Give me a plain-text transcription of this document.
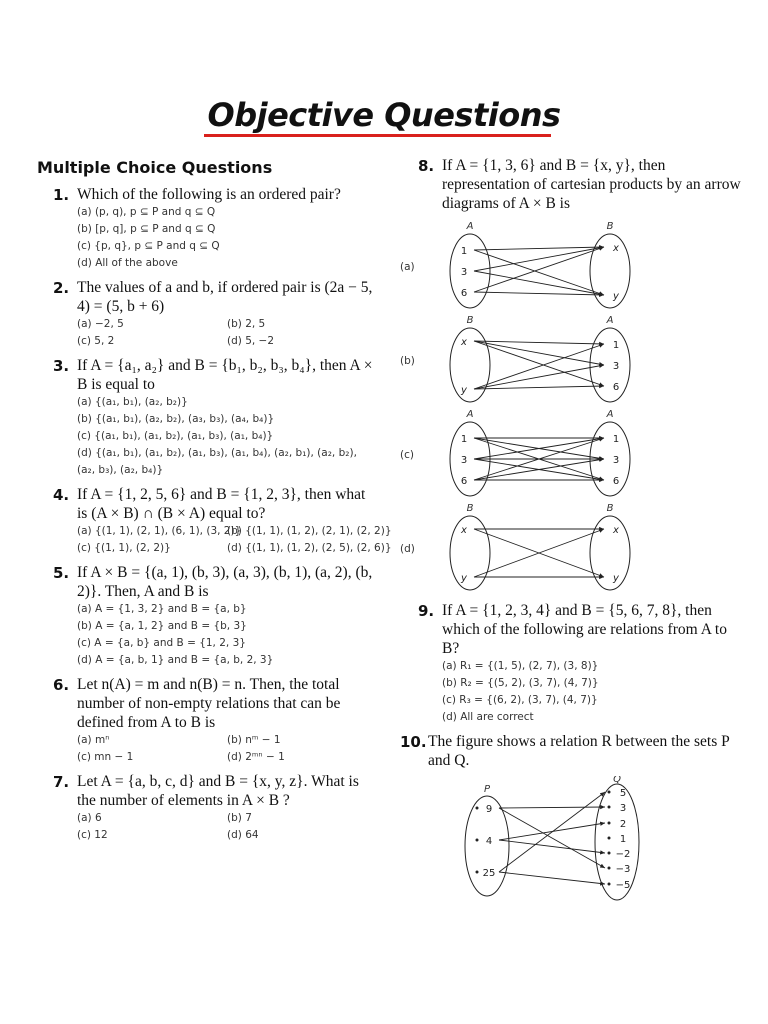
Objective Questions
Multiple Choice Questions
1. Which of the following is an ordered pair?
(a) (p, q), p ⊆ P and q ⊆ Q
(b) [p, q], p ⊆ P and q ⊆ Q
(c) {p, q}, p ⊆ P and q ⊆ Q
(d) All of the above
2. The values of a and b, if ordered pair is (2a − 5, 4) = (5, b + 6)
(a) −2, 5	(b) 2, 5
(c) 5, 2	(d) 5, −2
3. If A = {a₁, a₂} and B = {b₁, b₂, b₃, b₄}, then A × B is equal to
(a) {(a₁, b₁), (a₂, b₂)}
(b) {(a₁, b₁), (a₂, b₂), (a₃, b₃), (a₄, b₄)}
(c) {(a₁, b₁), (a₁, b₂), (a₁, b₃), (a₁, b₄)}
(d) {(a₁, b₁), (a₁, b₂), (a₁, b₃), (a₁, b₄), (a₂, b₁), (a₂, b₂), (a₂, b₃), (a₂, b₄)}
4. If A = {1, 2, 5, 6} and B = {1, 2, 3}, then what is (A × B) ∩ (B × A) equal to?
(a) {(1, 1), (2, 1), (6, 1), (3, 2)}
(b) {(1, 1), (1, 2), (2, 1), (2, 2)}
(c) {(1, 1), (2, 2)}	(d) {(1, 1), (1, 2), (2, 5), (2, 6)}
5. If A × B = {(a, 1), (b, 3), (a, 3), (b, 1), (a, 2), (b, 2)}. Then, A and B is
(a) A = {1, 3, 2} and B = {a, b}
(b) A = {a, 1, 2} and B = {b, 3}
(c) A = {a, b} and B = {1, 2, 3}
(d) A = {a, b, 1} and B = {a, b, 2, 3}
6. Let n(A) = m and n(B) = n. Then, the total number of non-empty relations that can be defined from A to B is
(a) mⁿ	(b) nᵐ − 1
(c) mn − 1	(d) 2ᵐⁿ − 1
7. Let A = {a, b, c, d} and B = {x, y, z}. What is the number of elements in A × B ?
(a) 6	(b) 7
(c) 12	(d) 64
8. If A = {1, 3, 6} and B = {x, y}, then representation of cartesian products by an arrow diagrams of A × B is
(a)
A	B
1
3
6
x
y
(b)
B	A
x
y
1
3
6
(c)
A	A
1
3
6
1
3
6
(d)
B	B
x
y
x
y
9. If A = {1, 2, 3, 4} and B = {5, 6, 7, 8}, then which of the following are relations from A to B?
(a) R₁ = {(1, 5), (2, 7), (3, 8)}
(b) R₂ = {(5, 2), (3, 7), (4, 7)}
(c) R₃ = {(6, 2), (3, 7), (4, 7)}
(d) All are correct
10. The figure shows a relation R between the sets P and Q.
P
Q
9
4
25
5
3
2
1
−2
−3
−5
